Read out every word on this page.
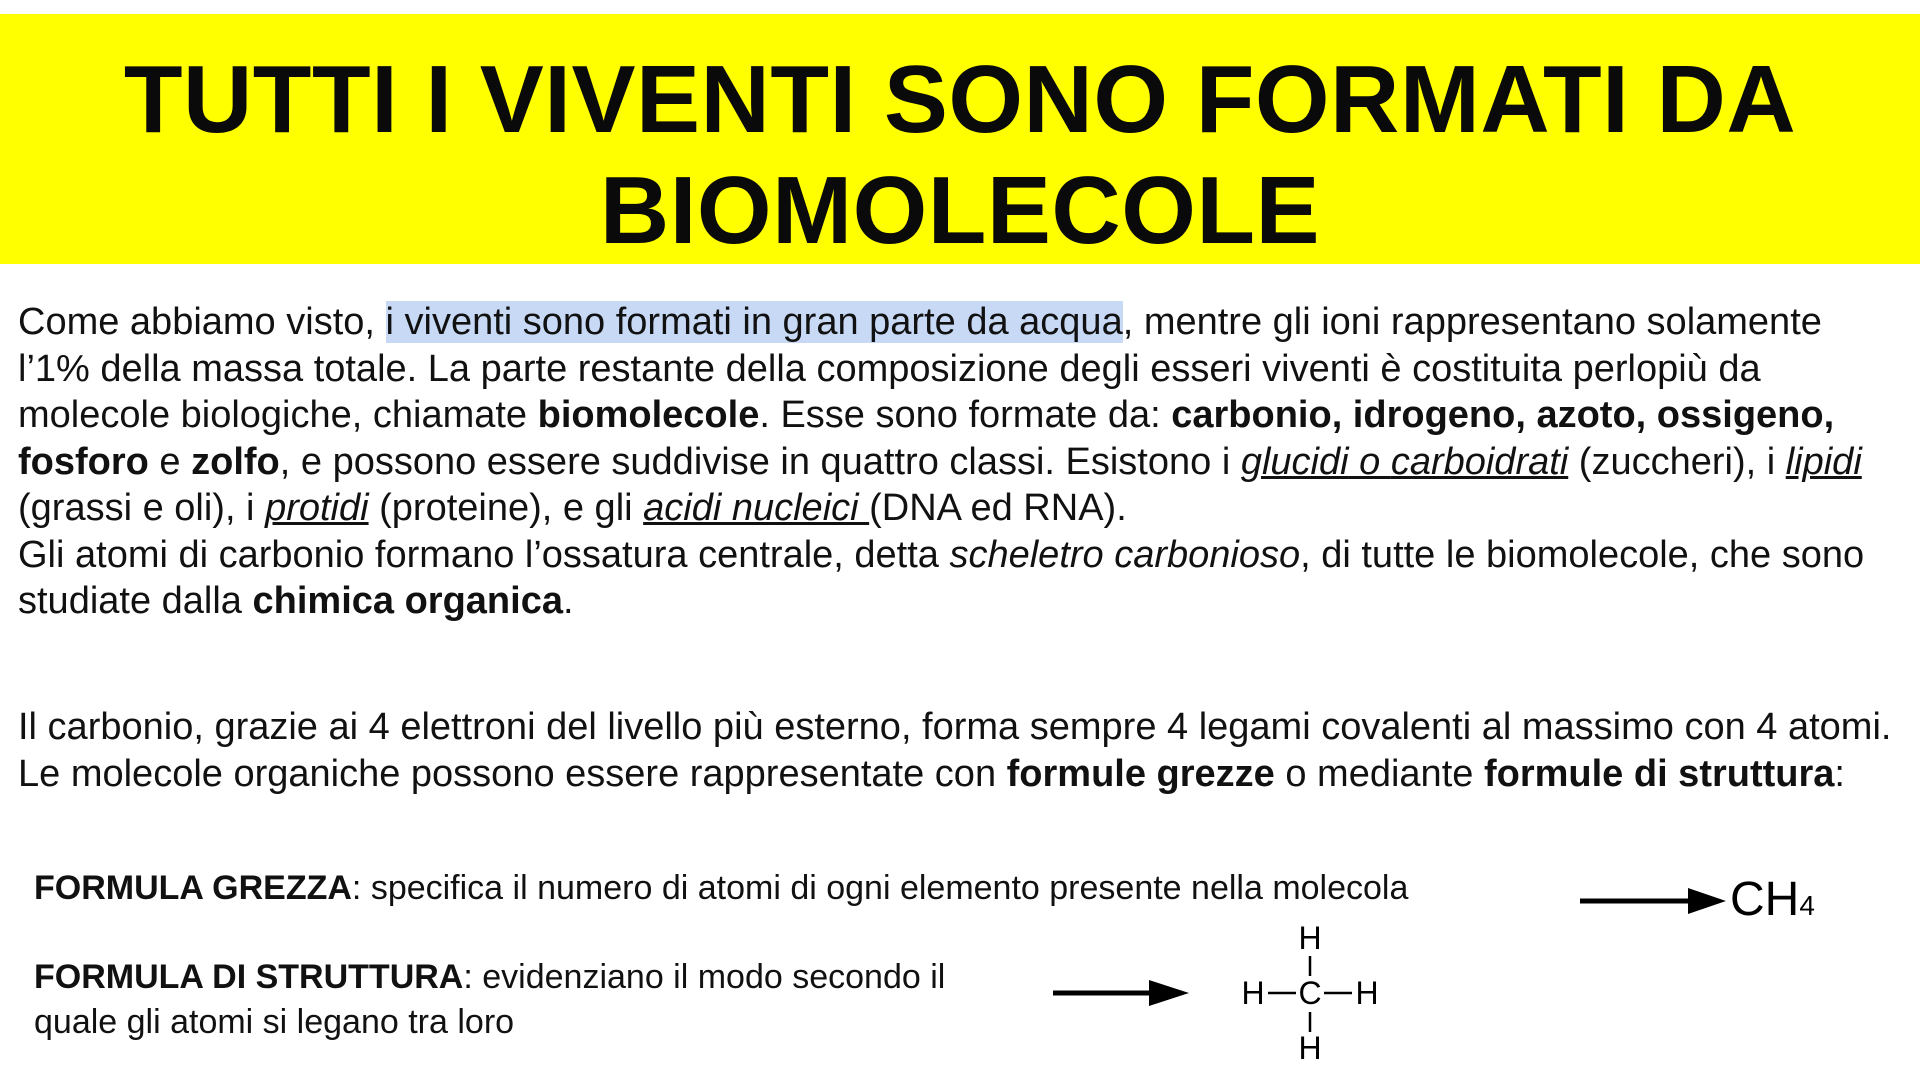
TUTTI I VIVENTI SONO FORMATI DA
BIOMOLECOLE

Come abbiamo visto, i viventi sono formati in gran parte da acqua, mentre gli ioni rappresentano solamente l’1% della massa totale. La parte restante della composizione degli esseri viventi è costituita perlopiù da molecole biologiche, chiamate biomolecole. Esse sono formate da: carbonio, idrogeno, azoto, ossigeno, fosforo e zolfo, e possono essere suddivise in quattro classi. Esistono i glucidi o carboidrati (zuccheri), i lipidi (grassi e oli), i protidi (proteine), e gli acidi nucleici (DNA ed RNA).
Gli atomi di carbonio formano l’ossatura centrale, detta scheletro carbonioso, di tutte le biomolecole, che sono studiate dalla chimica organica.

Il carbonio, grazie ai 4 elettroni del livello più esterno, forma sempre 4 legami covalenti al massimo con 4 atomi. Le molecole organiche possono essere rappresentate con formule grezze o mediante formule di struttura:

FORMULA GREZZA: specifica il numero di atomi di ogni elemento presente nella molecola	CH4

FORMULA DI STRUTTURA: evidenziano il modo secondo il quale gli atomi si legano tra loro

H
H C H
H
